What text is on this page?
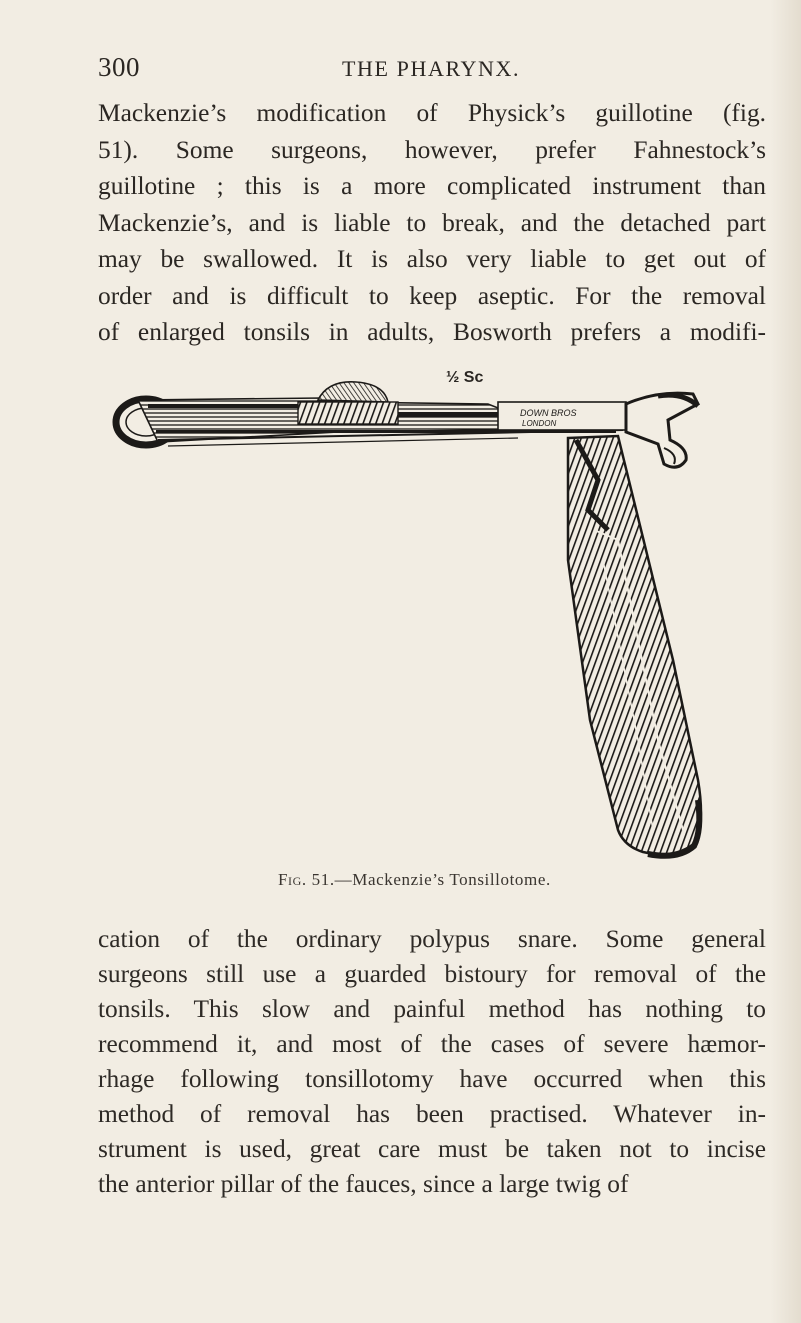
300	THE PHARYNX.
Mackenzie’s modification of Physick’s guillotine (fig.
51). Some surgeons, however, prefer Fahnestock’s
guillotine ; this is a more complicated instrument than
Mackenzie’s, and is liable to break, and the detached part
may be swallowed. It is also very liable to get out of
order and is difficult to keep aseptic. For the removal
of enlarged tonsils in adults, Bosworth prefers a modifi-
½ Sc
DOWN BROS
LONDON
Fig. 51.—Mackenzie’s Tonsillotome.
cation of the ordinary polypus snare. Some general
surgeons still use a guarded bistoury for removal of the
tonsils. This slow and painful method has nothing to
recommend it, and most of the cases of severe hæmor-
rhage following tonsillotomy have occurred when this
method of removal has been practised. Whatever in-
strument is used, great care must be taken not to incise
the anterior pillar of the fauces, since a large twig of
